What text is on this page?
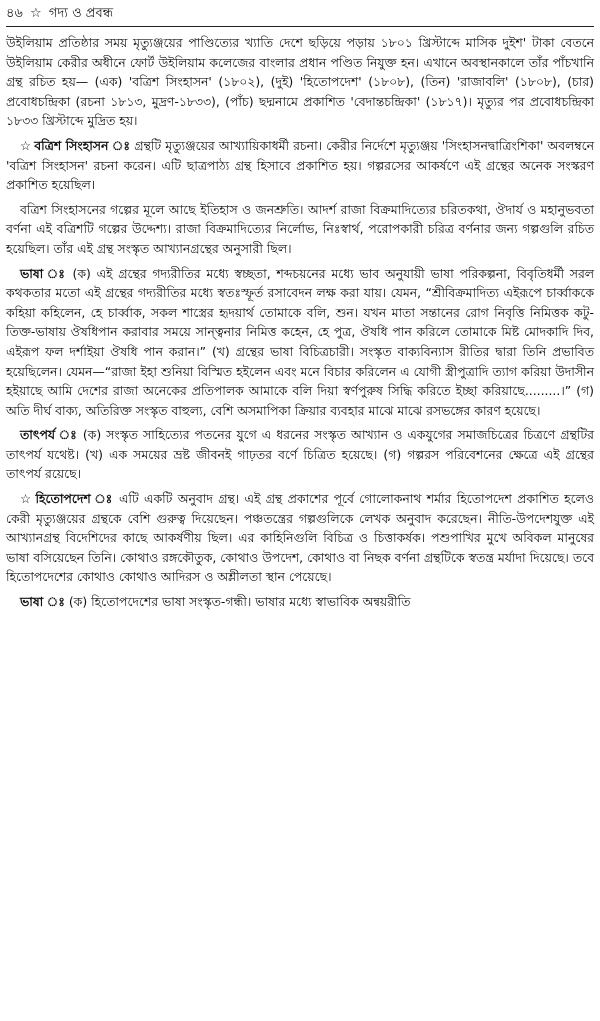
৪৬ ☆ গদ্য ও প্রবন্ধ

উইলিয়াম প্রতিষ্ঠার সময় মৃত্যুঞ্জয়ের পাণ্ডিত্যের খ্যাতি দেশে ছড়িয়ে পড়ায় ১৮০১ খ্রিস্টাব্দে মাসিক দুইশ' টাকা বেতনে উইলিয়াম কেরীর অধীনে ফোর্ট উইলিয়াম কলেজের বাংলার প্রধান পণ্ডিত নিযুক্ত হন। এখানে অবস্থানকালে তাঁর পাঁচখানি গ্রন্থ রচিত হয়— (এক) 'বত্রিশ সিংহাসন' (১৮০২), (দুই) 'হিতোপদেশ' (১৮০৮), (তিন) 'রাজাবলি' (১৮০৮), (চার) প্রবোধচন্দ্রিকা (রচনা ১৮১৩, মুদ্রণ-১৮৩৩), (পাঁচ) ছদ্মনামে প্রকাশিত 'বেদান্তচন্দ্রিকা' (১৮১৭)। মৃত্যুর পর প্রবোধচন্দ্রিকা ১৮৩৩ খ্রিস্টাব্দে মুদ্রিত হয়।

☆ বত্রিশ সিংহাসন ঃ গ্রন্থটি মৃত্যুঞ্জয়ের আখ্যায়িকাধর্মী রচনা। কেরীর নির্দেশে মৃত্যুঞ্জয় 'সিংহাসনদ্বাত্রিংশিকা' অবলম্বনে 'বত্রিশ সিংহাসন' রচনা করেন। এটি ছাত্রপাঠ্য গ্রন্থ হিসাবে প্রকাশিত হয়। গল্পরসের আকর্ষণে এই গ্রন্থের অনেক সংস্করণ প্রকাশিত হয়েছিল।

বত্রিশ সিংহাসনের গল্পের মূলে আছে ইতিহাস ও জনশ্রুতি। আদর্শ রাজা বিক্রমাদিত্যের চরিতকথা, ঔদার্য ও মহানুভবতা বর্ণনা এই বত্রিশটি গল্পের উদ্দেশ্য। রাজা বিক্রমাদিত্যের নির্লোভ, নিঃস্বার্থ, পরোপকারী চরিত্র বর্ণনার জন্য গল্পগুলি রচিত হয়েছিল। তাঁর এই গ্রন্থ সংস্কৃত আখ্যানগ্রন্থের অনুসারী ছিল।

ভাষা ঃ (ক) এই গ্রন্থের গদ্যরীতির মধ্যে স্বচ্ছতা, শব্দচয়নের মধ্যে ভাব অনুযায়ী ভাষা পরিকল্পনা, বিবৃতিধর্মী সরল কথকতার মতো এই গ্রন্থের গদ্যরীতির মধ্যে স্বতঃস্ফূর্ত রসাবেদন লক্ষ করা যায়। যেমন, “শ্রীবিক্রমাদিত্য এইরূপে চার্ব্বাককে কহিয়া কহিলেন, হে চার্ব্বাক, সকল শাস্ত্রের হৃদয়ার্থ তোমাকে বলি, শুন। যখন মাতা সন্তানের রোগ নিবৃত্তি নিমিত্তক কটু-তিক্ত-ভাষায় ঔষধিপান করাবার সময়ে সান্ত্বনার নিমিত্ত কহেন, হে পুত্র, ঔষধি পান করিলে তোমাকে মিষ্ট মোদকাদি দিব, এইরূপ ফল দর্শাইয়া ঔষধি পান করান।” (খ) গ্রন্থের ভাষা বিচিত্রচারী। সংস্কৃত বাক্যবিন্যাস রীতির দ্বারা তিনি প্রভাবিত হয়েছিলেন। যেমন—“রাজা ইহা শুনিয়া বিস্মিত হইলেন এবং মনে বিচার করিলেন এ যোগী স্ত্রীপুত্রাদি ত্যাগ করিয়া উদাসীন হইয়াছে আমি দেশের রাজা অনেকের প্রতিপালক আমাকে বলি দিয়া স্বর্ণপুরুষ সিদ্ধি করিতে ইচ্ছা করিয়াছে.........।” (গ) অতি দীর্ঘ বাক্য, অতিরিক্ত সংস্কৃত বাহুল্য, বেশি অসমাপিকা ক্রিয়ার ব্যবহার মাঝে মাঝে রসভঙ্গের কারণ হয়েছে।

তাৎপর্য ঃ (ক) সংস্কৃত সাহিত্যের পতনের যুগে এ ধরনের সংস্কৃত আখ্যান ও একযুগের সমাজচিত্রের চিত্রণে গ্রন্থটির তাৎপর্য যথেষ্ট। (খ) এক সময়ের ভ্রষ্ট জীবনই গাঢ়তর বর্ণে চিত্রিত হয়েছে। (গ) গল্পরস পরিবেশনের ক্ষেত্রে এই গ্রন্থের তাৎপর্য রয়েছে।

☆ হিতোপদেশ ঃ এটি একটি অনুবাদ গ্রন্থ। এই গ্রন্থ প্রকাশের পূর্বে গোলোকনাথ শর্মার হিতোপদেশ প্রকাশিত হলেও কেরী মৃত্যুঞ্জয়ের গ্রন্থকে বেশি গুরুত্ব দিয়েছেন। পঞ্চতন্ত্রের গল্পগুলিকে লেখক অনুবাদ করেছেন। নীতি-উপদেশযুক্ত এই আখ্যানগ্রন্থ বিদেশিদের কাছে আকর্ষণীয় ছিল। এর কাহিনিগুলি বিচিত্র ও চিত্তাকর্ষক। পশুপাখির মুখে অবিকল মানুষের ভাষা বসিয়েছেন তিনি। কোথাও রঙ্গকৌতুক, কোথাও উপদেশ, কোথাও বা নিছক বর্ণনা গ্রন্থটিকে স্বতন্ত্র মর্যাদা দিয়েছে। তবে হিতোপদেশের কোথাও কোথাও আদিরস ও অশ্লীলতা স্থান পেয়েছে।

ভাষা ঃ (ক) হিতোপদেশের ভাষা সংস্কৃত-গন্ধী। ভাষার মধ্যে স্বাভাবিক অন্বয়রীতি
